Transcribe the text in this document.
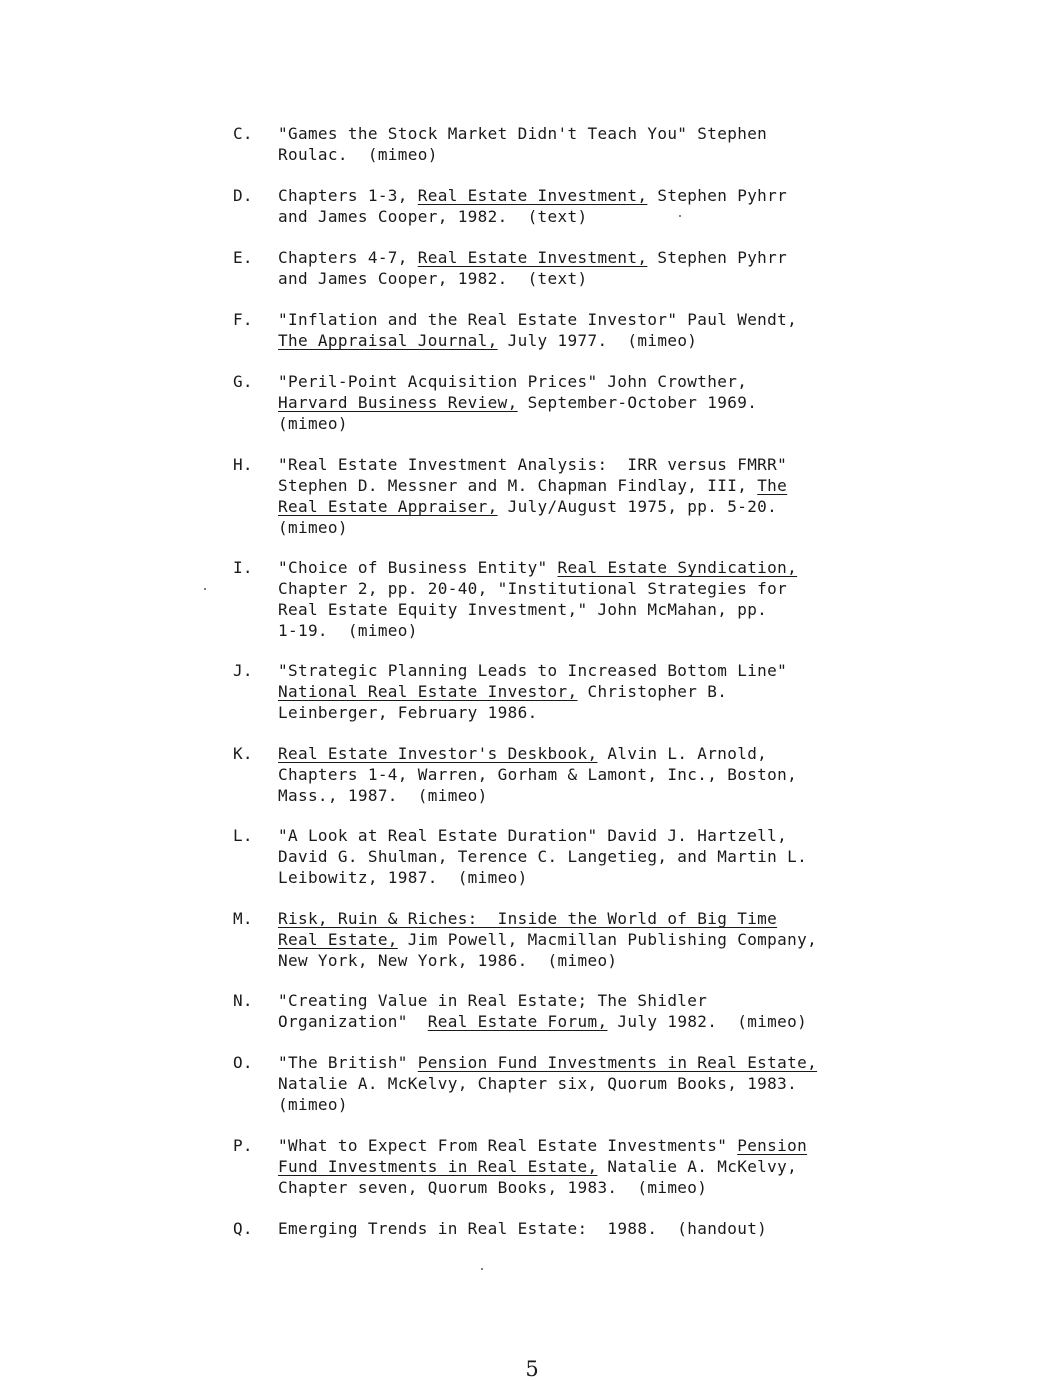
C. "Games the Stock Market Didn't Teach You" Stephen
Roulac.  (mimeo)
D. Chapters 1-3, Real Estate Investment, Stephen Pyhrr
and James Cooper, 1982.  (text)
E. Chapters 4-7, Real Estate Investment, Stephen Pyhrr
and James Cooper, 1982.  (text)
F. "Inflation and the Real Estate Investor" Paul Wendt,
The Appraisal Journal, July 1977.  (mimeo)
G. "Peril-Point Acquisition Prices" John Crowther,
Harvard Business Review, September-October 1969.
(mimeo)
H. "Real Estate Investment Analysis:  IRR versus FMRR"
Stephen D. Messner and M. Chapman Findlay, III, The
Real Estate Appraiser, July/August 1975, pp. 5-20.
(mimeo)
I. "Choice of Business Entity" Real Estate Syndication,
Chapter 2, pp. 20-40, "Institutional Strategies for
Real Estate Equity Investment," John McMahan, pp.
1-19.  (mimeo)
J. "Strategic Planning Leads to Increased Bottom Line"
National Real Estate Investor, Christopher B.
Leinberger, February 1986.
K. Real Estate Investor's Deskbook, Alvin L. Arnold,
Chapters 1-4, Warren, Gorham & Lamont, Inc., Boston,
Mass., 1987.  (mimeo)
L. "A Look at Real Estate Duration" David J. Hartzell,
David G. Shulman, Terence C. Langetieg, and Martin L.
Leibowitz, 1987.  (mimeo)
M. Risk, Ruin & Riches:  Inside the World of Big Time
Real Estate, Jim Powell, Macmillan Publishing Company,
New York, New York, 1986.  (mimeo)
N. "Creating Value in Real Estate; The Shidler
Organization"  Real Estate Forum, July 1982.  (mimeo)
O. "The British" Pension Fund Investments in Real Estate,
Natalie A. McKelvy, Chapter six, Quorum Books, 1983.
(mimeo)
P. "What to Expect From Real Estate Investments" Pension
Fund Investments in Real Estate, Natalie A. McKelvy,
Chapter seven, Quorum Books, 1983.  (mimeo)
Q. Emerging Trends in Real Estate:  1988.  (handout)
5
